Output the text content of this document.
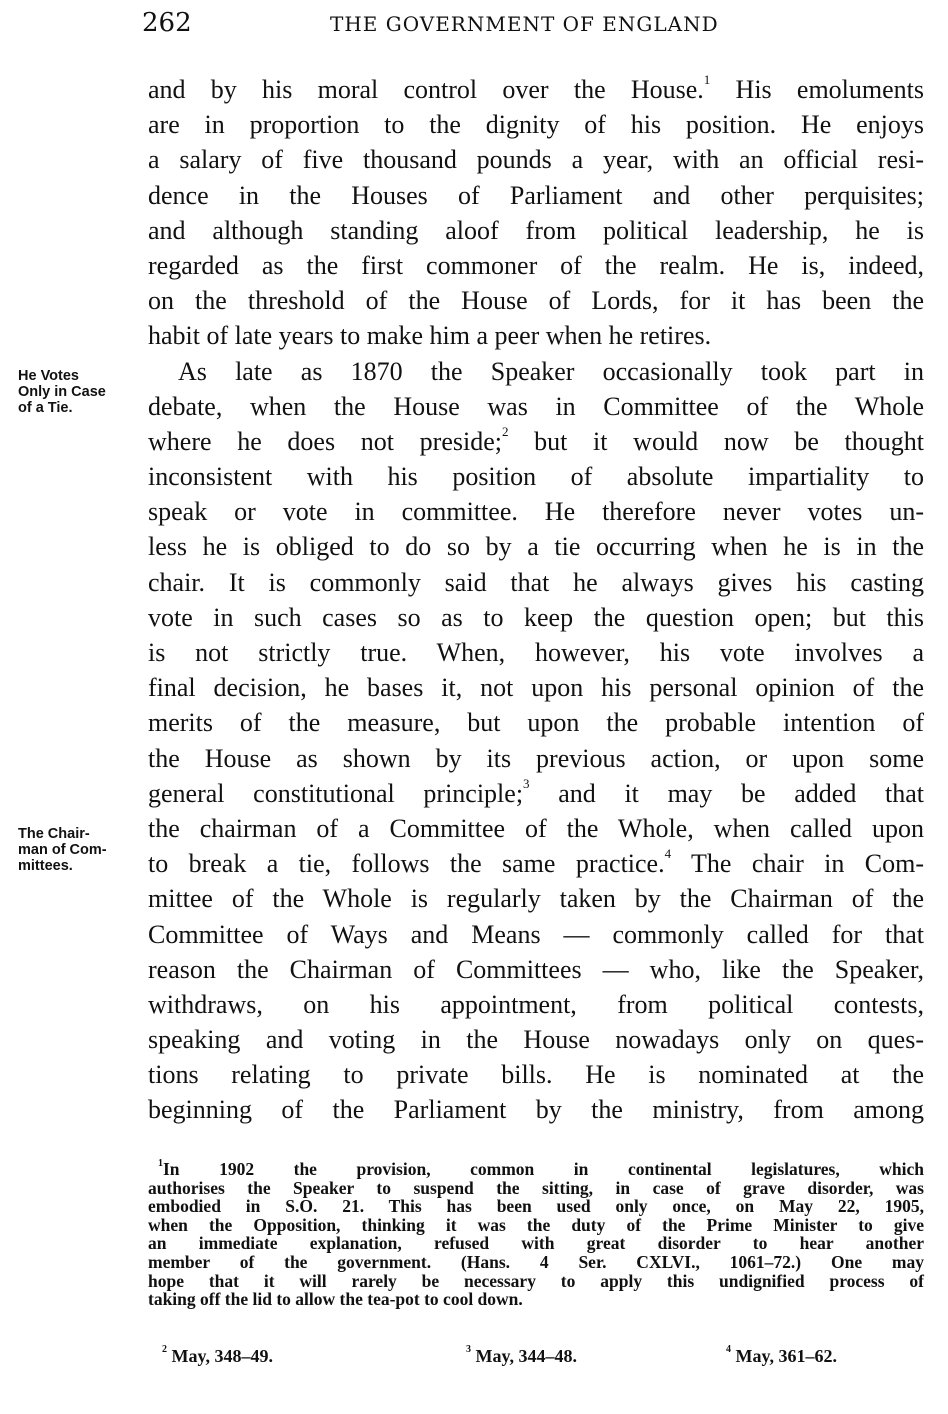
262	THE GOVERNMENT OF ENGLAND
He Votes
Only in Case
of a Tie.
The Chair-
man of Com-
mittees.
and by his moral control over the House.$^1$ His emoluments
are in proportion to the dignity of his position. He enjoys
a salary of five thousand pounds a year, with an official resi-
dence in the Houses of Parliament and other perquisites;
and although standing aloof from political leadership, he is
regarded as the first commoner of the realm. He is, indeed,
on the threshold of the House of Lords, for it has been the
habit of late years to make him a peer when he retires.
As late as 1870 the Speaker occasionally took part in
debate, when the House was in Committee of the Whole
where he does not preside;$^2$ but it would now be thought
inconsistent with his position of absolute impartiality to
speak or vote in committee. He therefore never votes un-
less he is obliged to do so by a tie occurring when he is in the
chair. It is commonly said that he always gives his casting
vote in such cases so as to keep the question open; but this
is not strictly true. When, however, his vote involves a
final decision, he bases it, not upon his personal opinion of the
merits of the measure, but upon the probable intention of
the House as shown by its previous action, or upon some
general constitutional principle;$^3$ and it may be added that
the chairman of a Committee of the Whole, when called upon
to break a tie, follows the same practice.$^4$ The chair in Com-
mittee of the Whole is regularly taken by the Chairman of the
Committee of Ways and Means — commonly called for that
reason the Chairman of Committees — who, like the Speaker,
withdraws, on his appointment, from political contests,
speaking and voting in the House nowadays only on ques-
tions relating to private bills. He is nominated at the
beginning of the Parliament by the ministry, from among
$^1$In 1902 the provision, common in continental legislatures, which
authorises the Speaker to suspend the sitting, in case of grave disorder, was
embodied in S.O. 21. This has been used only once, on May 22, 1905,
when the Opposition, thinking it was the duty of the Prime Minister to give
an immediate explanation, refused with great disorder to hear another
member of the government. (Hans. 4 Ser. CXLVI., 1061–72.) One may
hope that it will rarely be necessary to apply this undignified process of
taking off the lid to allow the tea-pot to cool down.
$^2$ May, 348–49.	$^3$ May, 344–48.	$^4$ May, 361–62.
